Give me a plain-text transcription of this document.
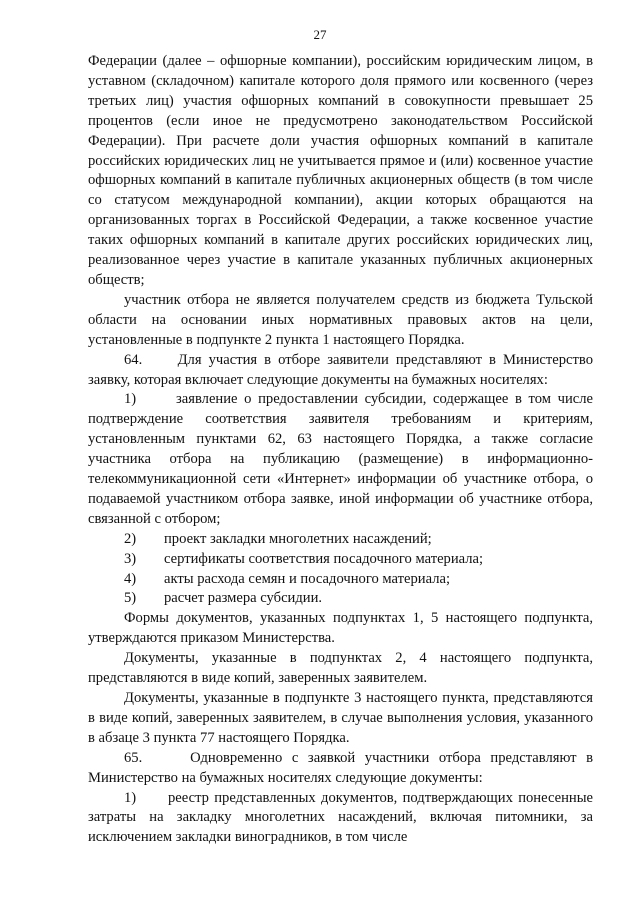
27

Федерации (далее – офшорные компании), российским юридическим лицом, в уставном (складочном) капитале которого доля прямого или косвенного (через третьих лиц) участия офшорных компаний в совокупности превышает 25 процентов (если иное не предусмотрено законодательством Российской Федерации). При расчете доли участия офшорных компаний в капитале российских юридических лиц не учитывается прямое и (или) косвенное участие офшорных компаний в капитале публичных акционерных обществ (в том числе со статусом международной компании), акции которых обращаются на организованных торгах в Российской Федерации, а также косвенное участие таких офшорных компаний в капитале других российских юридических лиц, реализованное через участие в капитале указанных публичных акционерных обществ;

участник отбора не является получателем средств из бюджета Тульской области на основании иных нормативных правовых актов на цели, установленные в подпункте 2 пункта 1 настоящего Порядка.

64.     Для участия в отборе заявители представляют в Министерство заявку, которая включает следующие документы на бумажных носителях:

1)      заявление о предоставлении субсидии, содержащее в том числе подтверждение соответствия заявителя требованиям и критериям, установленным пунктами 62, 63 настоящего Порядка, а также согласие участника отбора на публикацию (размещение) в информационно-телекоммуникационной сети «Интернет» информации об участнике отбора, о подаваемой участником отбора заявке, иной информации об участнике отбора, связанной с отбором;

2)	проект закладки многолетних насаждений;
3)	сертификаты соответствия посадочного материала;
4)	акты расхода семян и посадочного материала;
5)	расчет размера субсидии.

Формы документов, указанных подпунктах 1, 5 настоящего подпункта, утверждаются приказом Министерства.

Документы, указанные в подпунктах 2, 4 настоящего подпункта, представляются в виде копий, заверенных заявителем.

Документы, указанные в подпункте 3 настоящего пункта, представляются в виде копий, заверенных заявителем, в случае выполнения условия, указанного в абзаце 3 пункта 77 настоящего Порядка.

65.     Одновременно с заявкой участники отбора представляют в Министерство на бумажных носителях следующие документы:

1)      реестр представленных документов, подтверждающих понесенные затраты на закладку многолетних насаждений, включая питомники, за исключением закладки виноградников, в том числе
